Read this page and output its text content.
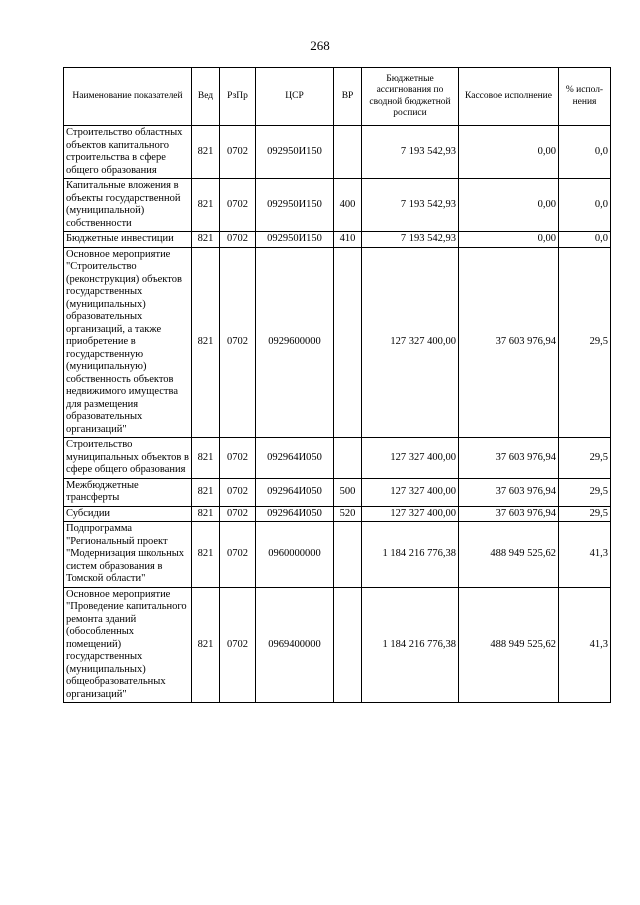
268
Наименование показателей	Вед	РзПр	ЦСР	ВР	Бюджетные ассигнования по сводной бюджетной росписи	Кассовое исполнение	% испол-нения
Строительство областных объектов капитального строительства в сфере общего образования	821	0702	092950И150		7 193 542,93	0,00	0,0
Капитальные вложения в объекты государственной (муниципальной) собственности	821	0702	092950И150	400	7 193 542,93	0,00	0,0
Бюджетные инвестиции	821	0702	092950И150	410	7 193 542,93	0,00	0,0
Основное мероприятие "Строительство (реконструкция) объектов государственных (муниципальных) образовательных организаций, а также приобретение в государственную (муниципальную) собственность объектов недвижимого имущества для размещения образовательных организаций"	821	0702	0929600000		127 327 400,00	37 603 976,94	29,5
Строительство муниципальных объектов в сфере общего образования	821	0702	092964И050		127 327 400,00	37 603 976,94	29,5
Межбюджетные трансферты	821	0702	092964И050	500	127 327 400,00	37 603 976,94	29,5
Субсидии	821	0702	092964И050	520	127 327 400,00	37 603 976,94	29,5
Подпрограмма "Региональный проект "Модернизация школьных систем образования в Томской области"	821	0702	0960000000		1 184 216 776,38	488 949 525,62	41,3
Основное мероприятие "Проведение капитального ремонта зданий (обособленных помещений) государственных (муниципальных) общеобразовательных организаций"	821	0702	0969400000		1 184 216 776,38	488 949 525,62	41,3
